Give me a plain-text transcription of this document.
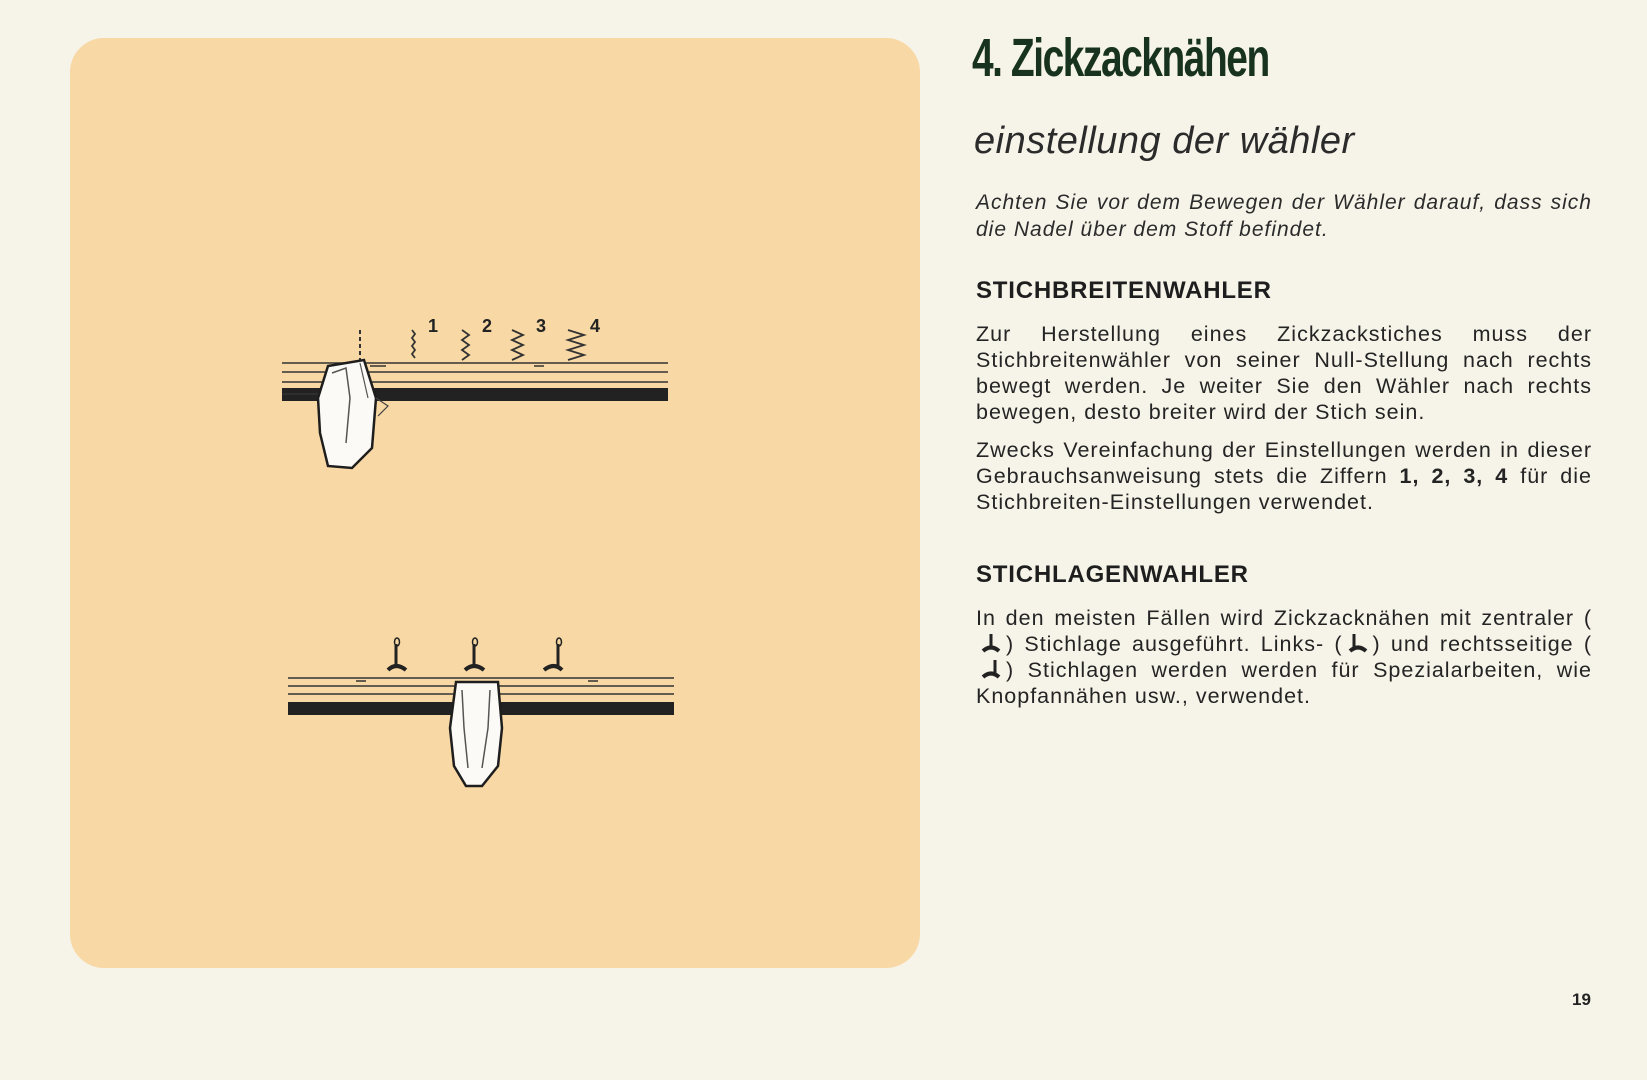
1 2 3 4
4. Zickzacknähen
einstellung der wähler

Achten Sie vor dem Bewegen der Wähler darauf, dass sich die Nadel über dem Stoff befindet.

STICHBREITENWAHLER

Zur Herstellung eines Zickzackstiches muss der Stichbreitenwähler von seiner Null-Stellung nach rechts bewegt werden. Je weiter Sie den Wähler nach rechts bewegen, desto breiter wird der Stich sein.

Zwecks Vereinfachung der Einstellungen werden in dieser Gebrauchsanweisung stets die Ziffern 1, 2, 3, 4 für die Stichbreiten-Einstellungen verwendet.

STICHLAGENWAHLER

In den meisten Fällen wird Zickzacknähen mit zentraler () Stichlage ausgeführt. Links- ( ) und rechtsseitige () Stichlagen werden werden für Spezialarbeiten, wie Knopfannähen usw., verwendet.

19
